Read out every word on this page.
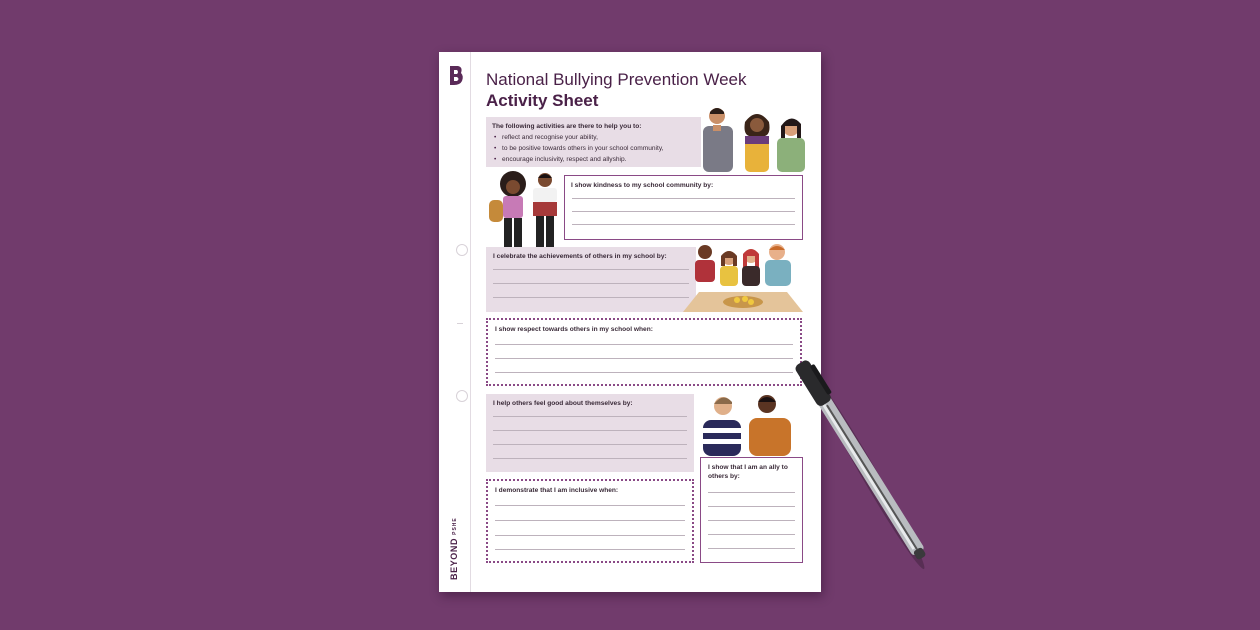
BEYONDPSHE
National Bullying Prevention Week
Activity Sheet
The following activities are there to help you to:
• reflect and recognise your ability,
• to be positive towards others in your school community,
• encourage inclusivity, respect and allyship.
I show kindness to my school community by:
I celebrate the achievements of others in my school by:
I show respect towards others in my school when:
I help others feel good about themselves by:
I demonstrate that I am inclusive when:
I show that I am an ally to others by:
